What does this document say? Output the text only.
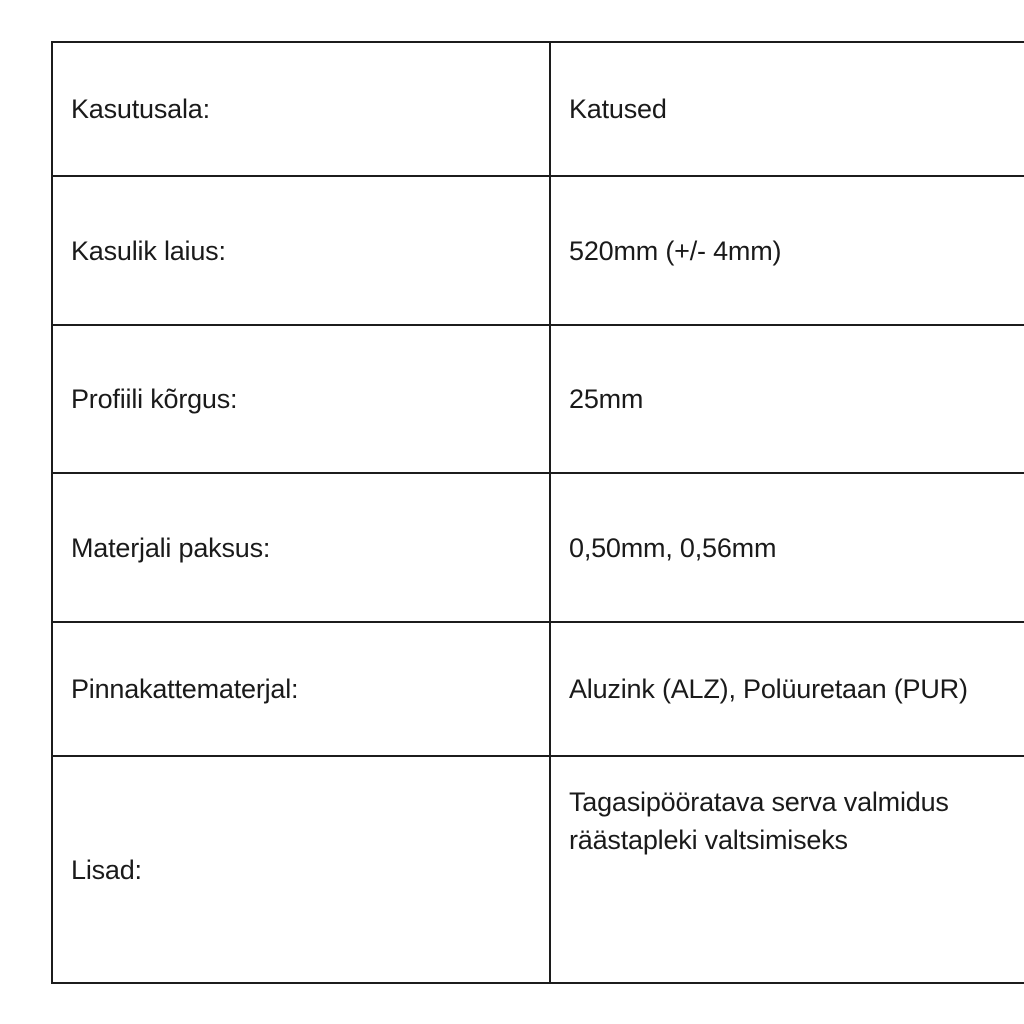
Kasutusala:	Katused
Kasulik laius:	520mm (+/- 4mm)
Profiili kõrgus:	25mm
Materjali paksus:	0,50mm, 0,56mm
Pinnakattematerjal:	Aluzink (ALZ), Polüuretaan (PUR)
Lisad:	Tagasipööratava serva valmidus räästapleki valtsimiseks
